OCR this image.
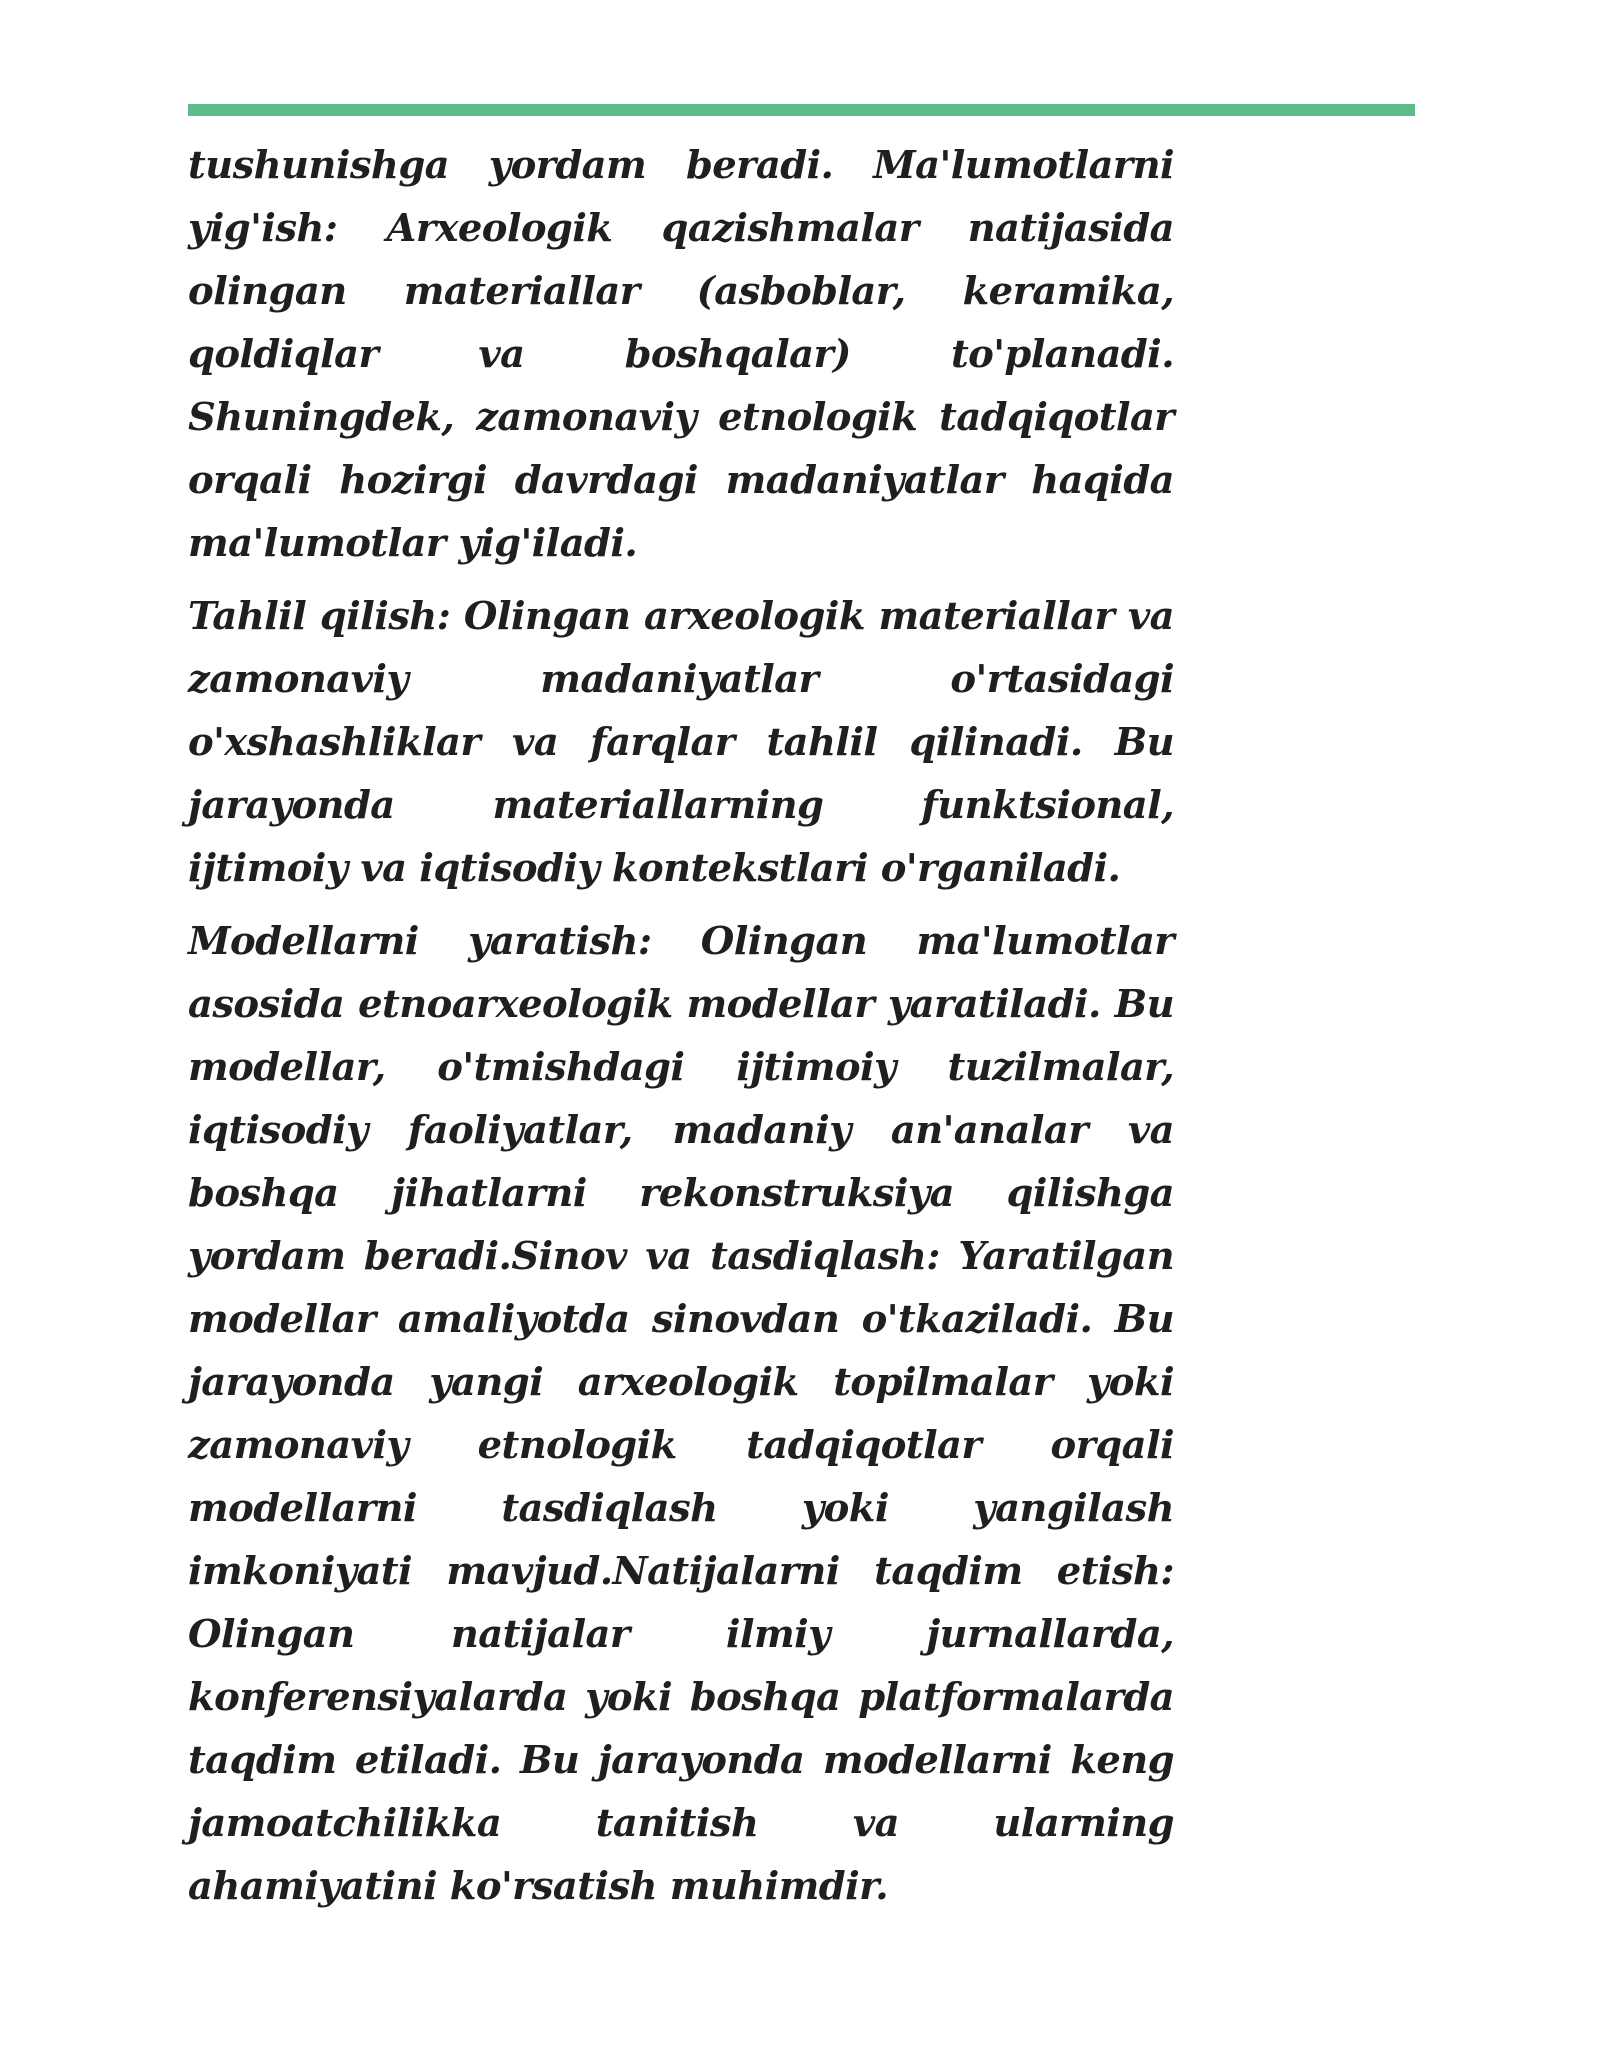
tushunishga yordam beradi. Ma'lumotlarni yig'ish: Arxeologik qazishmalar natijasida olingan materiallar (asboblar, keramika, qoldiqlar va boshqalar) to'planadi. Shuningdek, zamonaviy etnologik tadqiqotlar orqali hozirgi davrdagi madaniyatlar haqida ma'lumotlar yig'iladi.

Tahlil qilish: Olingan arxeologik materiallar va zamonaviy madaniyatlar o'rtasidagi o'xshashliklar va farqlar tahlil qilinadi. Bu jarayonda materiallarning funktsional, ijtimoiy va iqtisodiy kontekstlari o'rganiladi.

Modellarni yaratish: Olingan ma'lumotlar asosida etnoarxeologik modellar yaratiladi. Bu modellar, o'tmishdagi ijtimoiy tuzilmalar, iqtisodiy faoliyatlar, madaniy an'analar va boshqa jihatlarni rekonstruksiya qilishga yordam beradi.Sinov va tasdiqlash: Yaratilgan modellar amaliyotda sinovdan o'tkaziladi. Bu jarayonda yangi arxeologik topilmalar yoki zamonaviy etnologik tadqiqotlar orqali modellarni tasdiqlash yoki yangilash imkoniyati mavjud.Natijalarni taqdim etish: Olingan natijalar ilmiy jurnallarda, konferensiyalarda yoki boshqa platformalarda taqdim etiladi. Bu jarayonda modellarni keng jamoatchilikka tanitish va ularning ahamiyatini ko'rsatish muhimdir.
